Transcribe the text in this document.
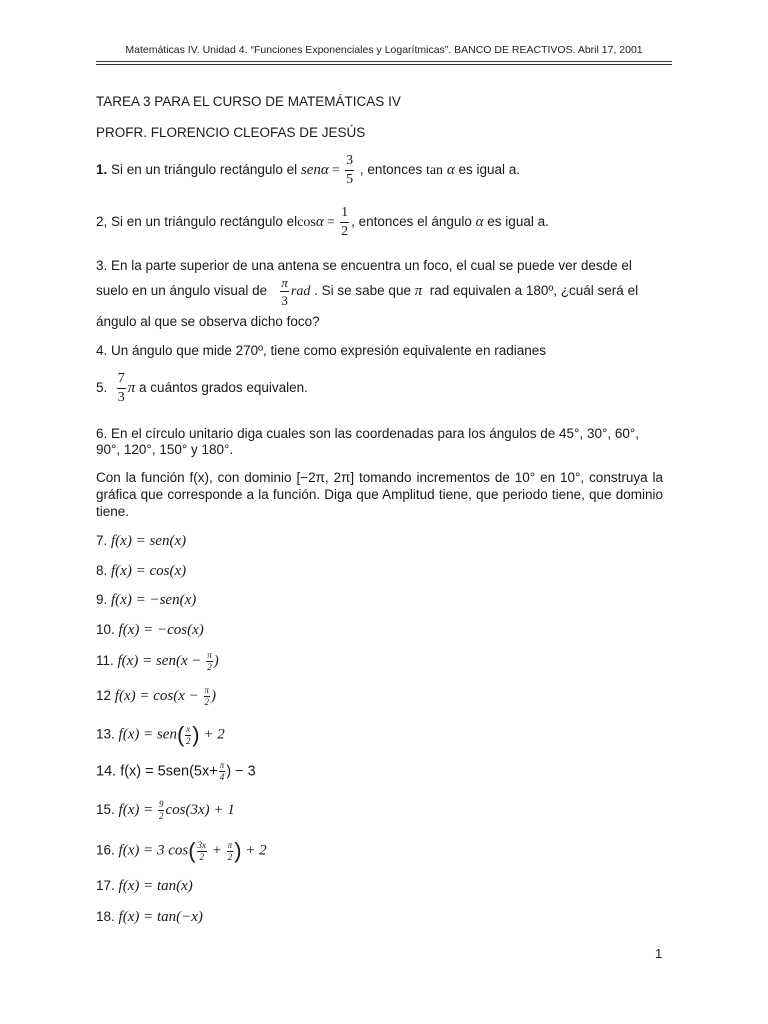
Matemáticas IV. Unidad 4. “Funciones Exponenciales y Logarítmicas”. BANCO DE REACTIVOS. Abril 17, 2001
TAREA 3 PARA EL CURSO DE MATEMÁTICAS IV
PROFR. FLORENCIO CLEOFAS DE JESÚS
1. Si en un triángulo rectángulo el $sen\alpha = \frac{3}{5}$ , entonces tan α es igual a.
2, Si en un triángulo rectángulo $elcos\alpha = \frac{1}{2}$ , entonces el ángulo α es igual a.
3. En la parte superior de una antena se encuentra un foco, el cual se puede ver desde el
suelo en un ángulo visual de $\frac{\pi}{3}$ rad . Si se sabe que π rad equivalen a 180º, ¿cuál será el
ángulo al que se observa dicho foco?
4. Un ángulo que mide 270º, tiene como expresión equivalente en radianes
5. $\frac{7}{3}$ π a cuántos grados equivalen.
6. En el círculo unitario diga cuales son las coordenadas para los ángulos de 45°, 30°, 60°,
90°, 120°, 150° y 180°.
Con la función f(x), con dominio [−2π, 2π] tomando incrementos de 10° en 10°, construya la gráfica que corresponde a la función. Diga que Amplitud tiene, que periodo tiene, que dominio tiene.
7. f(x) = sen(x)
8. f(x) = cos(x)
9. f(x) = −sen(x)
10. f(x) = −cos(x)
11. $f(x) = sen(x - \frac{\pi}{2}$ )
12 $f(x) = \cos(x - \frac{\pi}{2}$ )
13. $f(x) = sen( \frac{x}{2}$ ) + 2
14. $f(x) = 5sen(5x+ \frac{\pi}{4}$ ) − 3
15. $f(x) = \frac{9}{2} \cos(3x) + 1$
16. f(x) = 3 $\cos( \frac{3x}{2} + \frac{\pi}{2}$ ) + 2
17. f(x) = tan(x)
18. f(x) = tan(−x)
1
